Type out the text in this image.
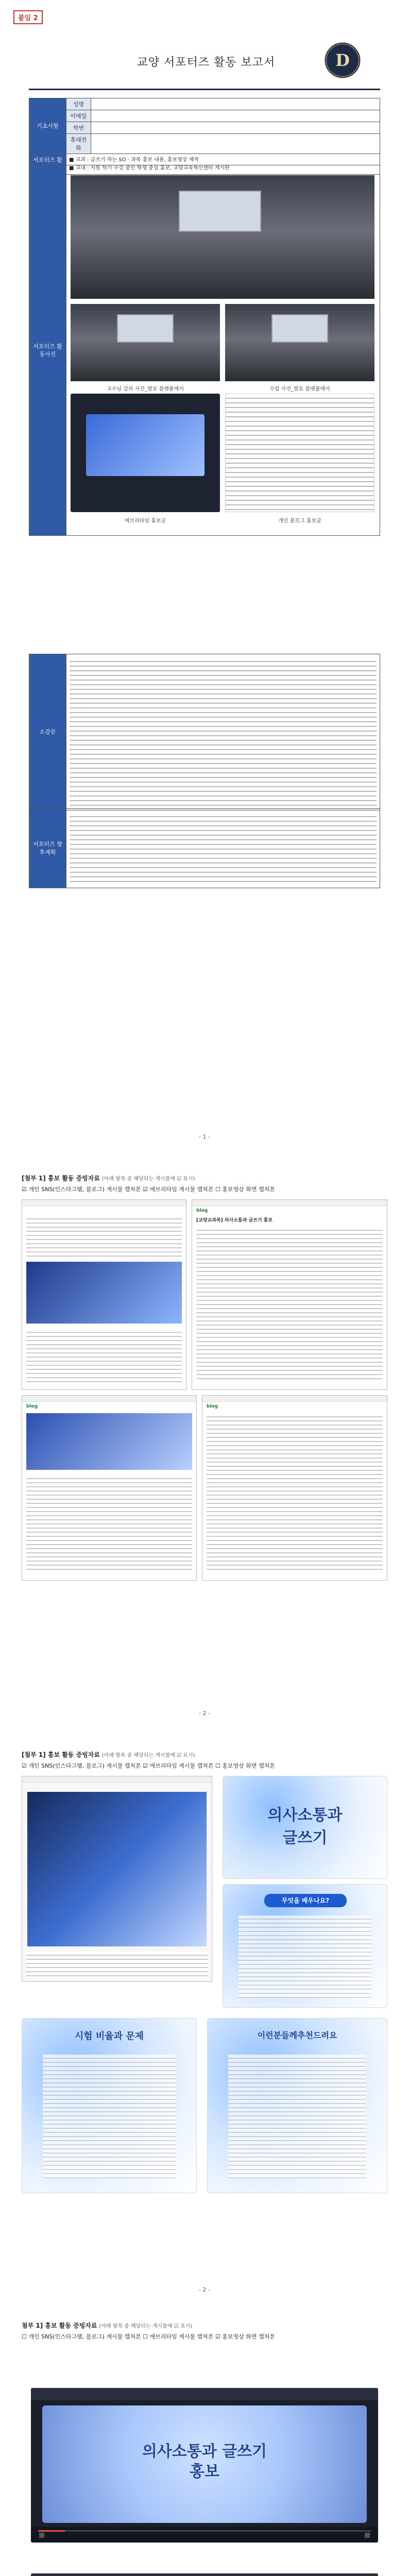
붙임 2
교양 서포터즈 활동 보고서	D
기초사항	성명	
	이메일	
	학번	
	휴대전화	
서포터즈 활	■ 교과 : 글쓰기 하는 SO · 과목 홍보 내용, 홍보영상 제작
■ 교내 : 지원 학기 수강 중인 학생 중심 홍보, 교양교육혁신센터 게시판	
서포터즈 활동사진	
교수님 강의 사진_발표 플랫폼에서	수업 사진_발표 플랫폼에서
에브리타임 홍보글	개인 블로그 홍보글
소감문	
서포터즈 향후계획	
- 1 -
[첨부 1] 홍보 활동 증빙자료 (아래 항목 중 해당되는 게시물에 ☑ 표시)
☑ 개인 SNS(인스타그램, 블로그) 게시물 캡처본 ☑ 에브리타임 게시물 캡처본 ☐ 홍보영상 화면 캡처본
blog
[교양교과목] 의사소통과 글쓰기 홍보
blog	blog
- 2 -
[첨부 1] 홍보 활동 증빙자료 (아래 항목 중 해당되는 게시물에 ☑ 표시)
☑ 개인 SNS(인스타그램, 블로그) 게시물 캡처본 ☑ 에브리타임 게시물 캡처본 ☐ 홍보영상 화면 캡처본
의사소통과
글쓰기
무엇을 배우나요?
시험 비율과 문제	이런분들께추천드려요
- 2 -
첨부 1] 홍보 활동 증빙자료 (아래 항목 중 해당되는 게시물에 ☑ 표시)
☐ 개인 SNS(인스타그램, 블로그) 게시물 캡처본 ☐ 에브리타임 게시물 캡처본 ☑ 홍보영상 화면 캡처본
의사소통과 글쓰기
홍보
